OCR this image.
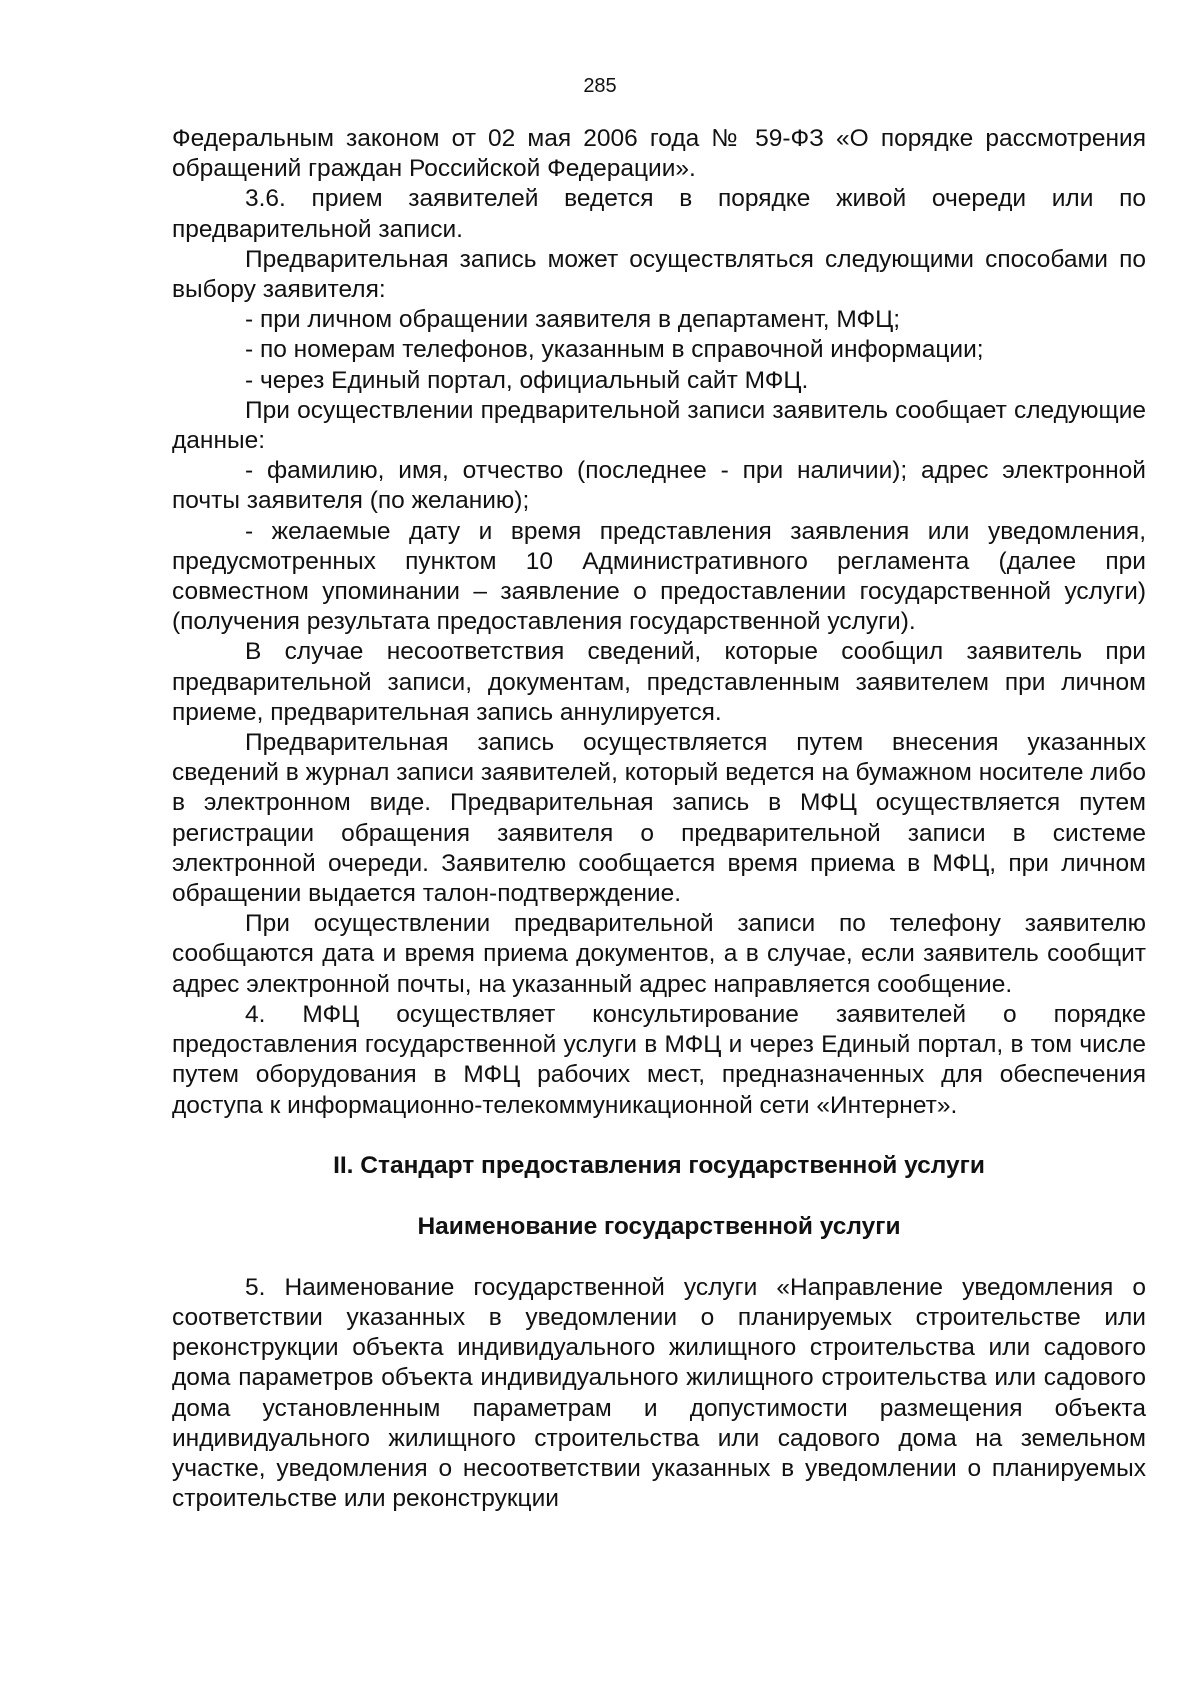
285

Федеральным законом от 02 мая 2006 года № 59-ФЗ «О порядке рассмотрения обращений граждан Российской Федерации».

3.6. прием заявителей ведется в порядке живой очереди или по предварительной записи.

Предварительная запись может осуществляться следующими способами по выбору заявителя:

- при личном обращении заявителя в департамент, МФЦ;

- по номерам телефонов, указанным в справочной информации;

- через Единый портал, официальный сайт МФЦ.

При осуществлении предварительной записи заявитель сообщает следующие данные:

- фамилию, имя, отчество (последнее - при наличии); адрес электронной почты заявителя (по желанию);

- желаемые дату и время представления заявления или уведомления, предусмотренных пунктом 10 Административного регламента (далее при совместном упоминании – заявление о предоставлении государственной услуги) (получения результата предоставления государственной услуги).

В случае несоответствия сведений, которые сообщил заявитель при предварительной записи, документам, представленным заявителем при личном приеме, предварительная запись аннулируется.

Предварительная запись осуществляется путем внесения указанных сведений в журнал записи заявителей, который ведется на бумажном носителе либо в электронном виде. Предварительная запись в МФЦ осуществляется путем регистрации обращения заявителя о предварительной записи в системе электронной очереди. Заявителю сообщается время приема в МФЦ, при личном обращении выдается талон-подтверждение.

При осуществлении предварительной записи по телефону заявителю сообщаются дата и время приема документов, а в случае, если заявитель сообщит адрес электронной почты, на указанный адрес направляется сообщение.

4. МФЦ осуществляет консультирование заявителей о порядке предоставления государственной услуги в МФЦ и через Единый портал, в том числе путем оборудования в МФЦ рабочих мест, предназначенных для обеспечения доступа к информационно-телекоммуникационной сети «Интернет».

II. Стандарт предоставления государственной услуги
Наименование государственной услуги

5. Наименование государственной услуги «Направление уведомления о соответствии указанных в уведомлении о планируемых строительстве или реконструкции объекта индивидуального жилищного строительства или садового дома параметров объекта индивидуального жилищного строительства или садового дома установленным параметрам и допустимости размещения объекта индивидуального жилищного строительства или садового дома на земельном участке, уведомления о несоответствии указанных в уведомлении о планируемых строительстве или реконструкции
